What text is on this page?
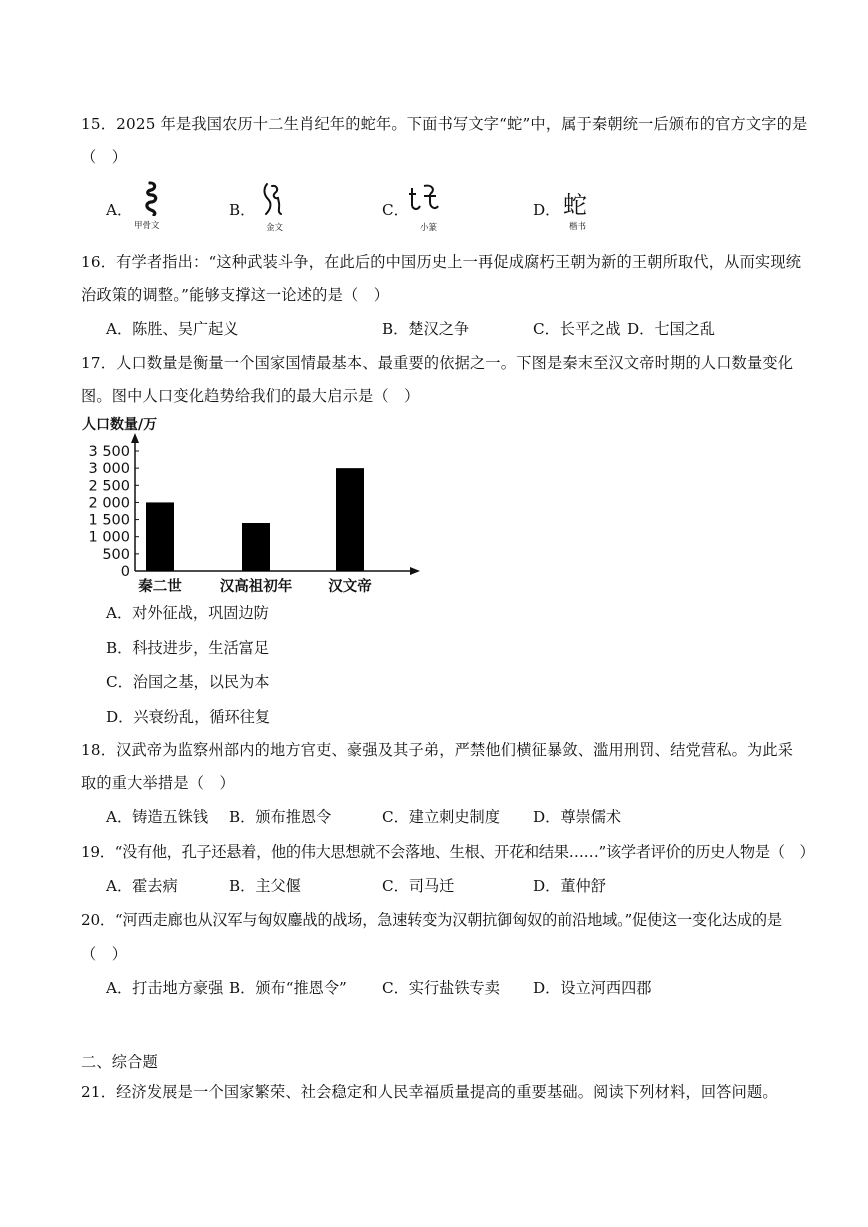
15．2025 年是我国农历十二生肖纪年的蛇年。下面书写文字“蛇”中，属于秦朝统一后颁布的官方文字的是
（　）
A．
甲骨文
B．
金文
C．
小篆
D． 蛇
楷书
16．有学者指出：“这种武装斗争，在此后的中国历史上一再促成腐朽王朝为新的王朝所取代，从而实现统
治政策的调整。”能够支撑这一论述的是（　）
A．陈胜、吴广起义	B．楚汉之争	C．长平之战 D．七国之乱
17．人口数量是衡量一个国家国情最基本、最重要的依据之一。下图是秦末至汉文帝时期的人口数量变化
图。图中人口变化趋势给我们的最大启示是（　）
人口数量/万
0
500
1 000
1 500
2 000
2 500
3 000
3 500
秦二世	汉高祖初年 汉文帝
A．对外征战，巩固边防
B．科技进步，生活富足
C．治国之基，以民为本
D．兴衰纷乱，循环往复
18．汉武帝为监察州部内的地方官吏、豪强及其子弟，严禁他们横征暴敛、滥用刑罚、结党营私。为此采
取的重大举措是（　）
A．铸造五铢钱 B．颁布推恩令	C．建立刺史制度 D．尊崇儒术
19．“没有他，孔子还悬着，他的伟大思想就不会落地、生根、开花和结果……”该学者评价的历史人物是（　）
A．霍去病	B．主父偃	C．司马迁	D．董仲舒
20．“河西走廊也从汉军与匈奴鏖战的战场，急速转变为汉朝抗御匈奴的前沿地域。”促使这一变化达成的是
（　）
A．打击地方豪强 B．颁布“推恩令” C．实行盐铁专卖 D．设立河西四郡
二、综合题
21．经济发展是一个国家繁荣、社会稳定和人民幸福质量提高的重要基础。阅读下列材料，回答问题。
